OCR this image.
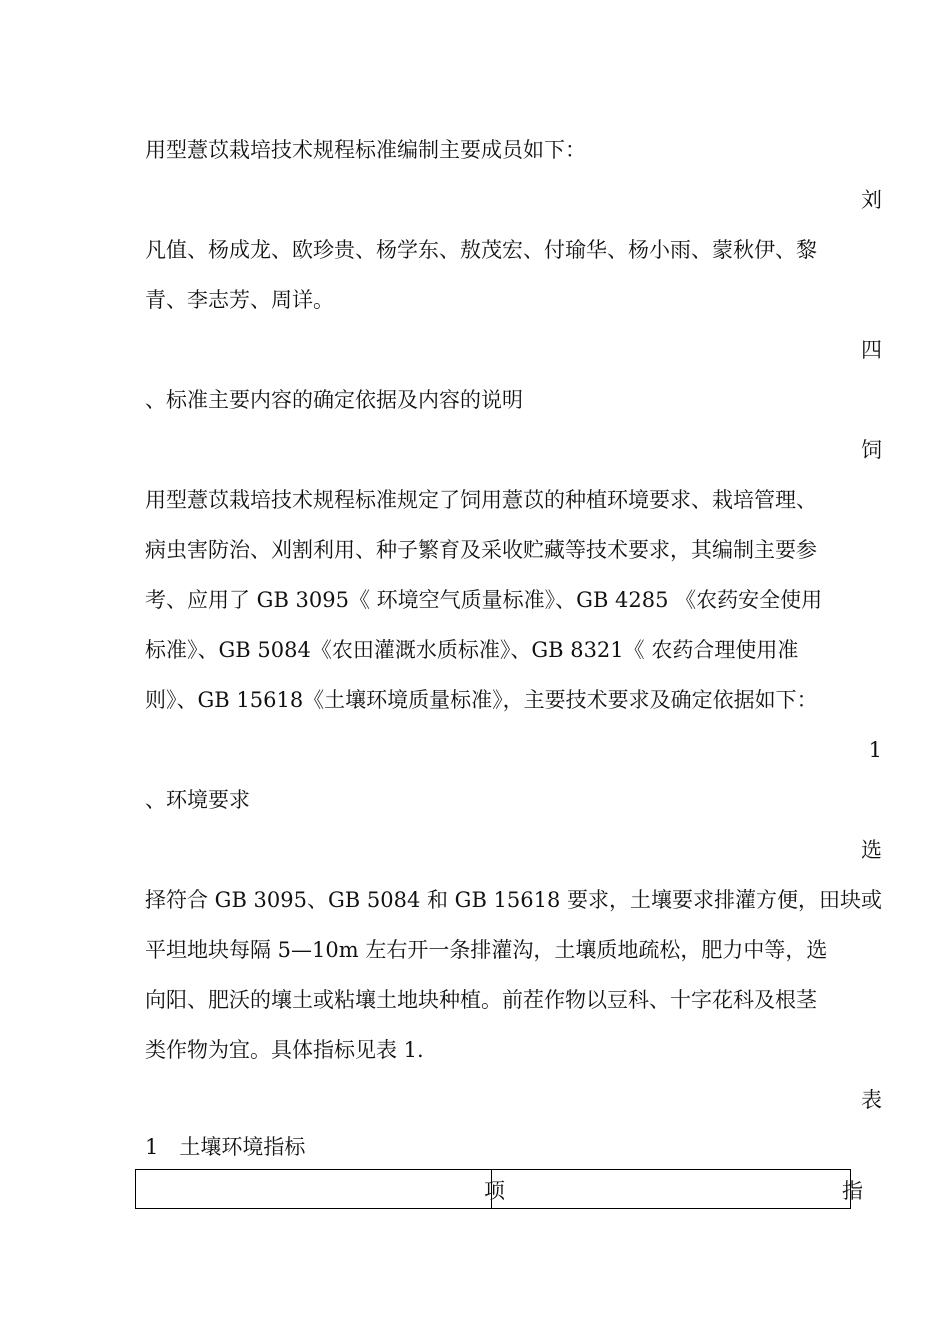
用型薏苡栽培技术规程标准编制主要成员如下：
刘
凡值、杨成龙、欧珍贵、杨学东、敖茂宏、付瑜华、杨小雨、蒙秋伊、黎
青、李志芳、周详。
四
、标准主要内容的确定依据及内容的说明
饲
用型薏苡栽培技术规程标准规定了饲用薏苡的种植环境要求、栽培管理、
病虫害防治、刈割利用、种子繁育及采收贮藏等技术要求，其编制主要参
考、应用了 GB 3095《 环境空气质量标准》、GB 4285 《农药安全使用
标准》、GB 5084《农田灌溉水质标准》、GB 8321《 农药合理使用准
则》、GB 15618《土壤环境质量标准》，主要技术要求及确定依据如下：
1
、环境要求
选
择符合 GB 3095、GB 5084 和 GB 15618 要求，土壤要求排灌方便，田块或
平坦地块每隔 5—10m 左右开一条排灌沟，土壤质地疏松，肥力中等，选
向阳、肥沃的壤土或粘壤土地块种植。前茬作物以豆科、十字花科及根茎
类作物为宜。具体指标见表 1.
表
1　土壤环境指标
项	指
